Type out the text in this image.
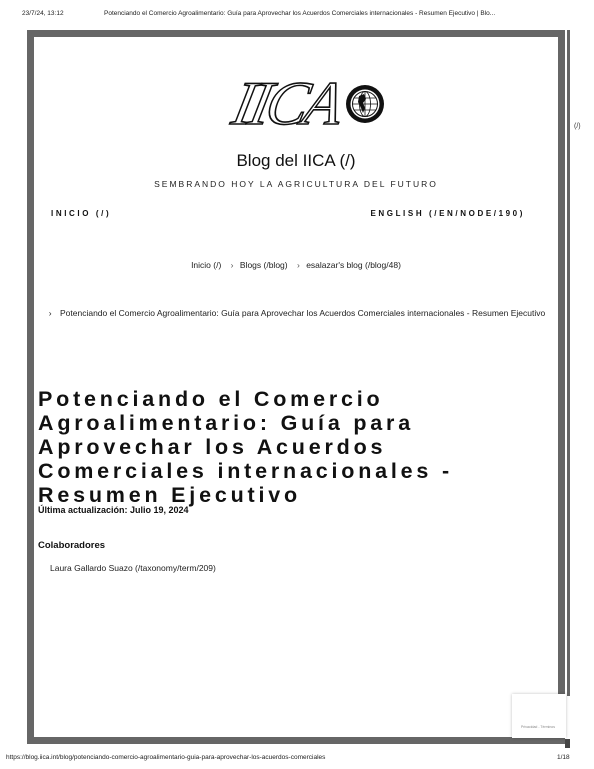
23/7/24, 13:12	Potenciando el Comercio Agroalimentario: Guía para Aprovechar los Acuerdos Comerciales internacionales - Resumen Ejecutivo | Blo...
IICA	(/)
Blog del IICA (/)
SEMBRANDO HOY LA AGRICULTURA DEL FUTURO
INICIO (/)	ENGLISH (/EN/NODE/190)
Inicio (/) › Blogs (/blog) › esalazar's blog (/blog/48)
› Potenciando el Comercio Agroalimentario: Guía para Aprovechar los Acuerdos Comerciales internacionales - Resumen Ejecutivo
Potenciando el Comercio Agroalimentario: Guía para Aprovechar los Acuerdos Comerciales internacionales - Resumen Ejecutivo
Última actualización: Julio 19, 2024
Colaboradores
Laura Gallardo Suazo (/taxonomy/term/209)
Privacidad - Términos
https://blog.iica.int/blog/potenciando-comercio-agroalimentario-guia-para-aprovechar-los-acuerdos-comerciales	1/18
